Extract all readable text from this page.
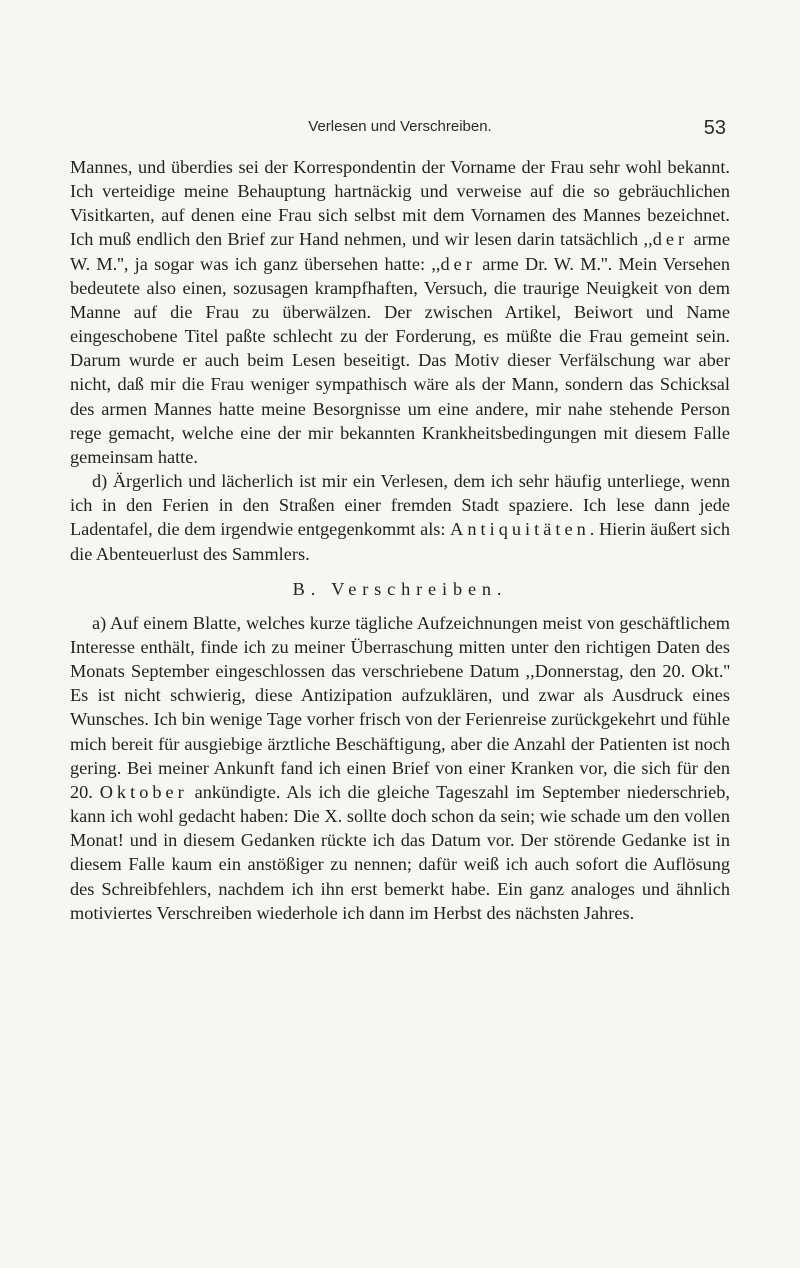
Verlesen und Verschreiben.	53

Mannes, und überdies sei der Korrespondentin der Vorname der Frau sehr wohl bekannt. Ich verteidige meine Behauptung hartnäckig und verweise auf die so gebräuchlichen Visitkarten, auf denen eine Frau sich selbst mit dem Vornamen des Mannes bezeichnet. Ich muß endlich den Brief zur Hand nehmen, und wir lesen darin tatsächlich ,,der arme W. M.'', ja sogar was ich ganz übersehen hatte: ,,der arme Dr. W. M.''. Mein Versehen bedeutete also einen, sozusagen krampfhaften, Versuch, die traurige Neuigkeit von dem Manne auf die Frau zu überwälzen. Der zwischen Artikel, Beiwort und Name eingeschobene Titel paßte schlecht zu der Forderung, es müßte die Frau gemeint sein. Darum wurde er auch beim Lesen beseitigt. Das Motiv dieser Verfälschung war aber nicht, daß mir die Frau weniger sympathisch wäre als der Mann, sondern das Schicksal des armen Mannes hatte meine Besorgnisse um eine andere, mir nahe stehende Person rege gemacht, welche eine der mir bekannten Krankheitsbedingungen mit diesem Falle gemeinsam hatte.

d) Ärgerlich und lächerlich ist mir ein Verlesen, dem ich sehr häufig unterliege, wenn ich in den Ferien in den Straßen einer fremden Stadt spaziere. Ich lese dann jede Ladentafel, die dem irgendwie entgegenkommt als: Antiquitäten. Hierin äußert sich die Abenteuerlust des Sammlers.

B. Verschreiben.

a) Auf einem Blatte, welches kurze tägliche Aufzeichnungen meist von geschäftlichem Interesse enthält, finde ich zu meiner Überraschung mitten unter den richtigen Daten des Monats September eingeschlossen das verschriebene Datum ,,Donnerstag, den 20. Okt.'' Es ist nicht schwierig, diese Antizipation aufzuklären, und zwar als Ausdruck eines Wunsches. Ich bin wenige Tage vorher frisch von der Ferienreise zurückgekehrt und fühle mich bereit für ausgiebige ärztliche Beschäftigung, aber die Anzahl der Patienten ist noch gering. Bei meiner Ankunft fand ich einen Brief von einer Kranken vor, die sich für den 20. Oktober ankündigte. Als ich die gleiche Tageszahl im September niederschrieb, kann ich wohl gedacht haben: Die X. sollte doch schon da sein; wie schade um den vollen Monat! und in diesem Gedanken rückte ich das Datum vor. Der störende Gedanke ist in diesem Falle kaum ein anstößiger zu nennen; dafür weiß ich auch sofort die Auflösung des Schreibfehlers, nachdem ich ihn erst bemerkt habe. Ein ganz analoges und ähnlich motiviertes Verschreiben wiederhole ich dann im Herbst des nächsten Jahres.
